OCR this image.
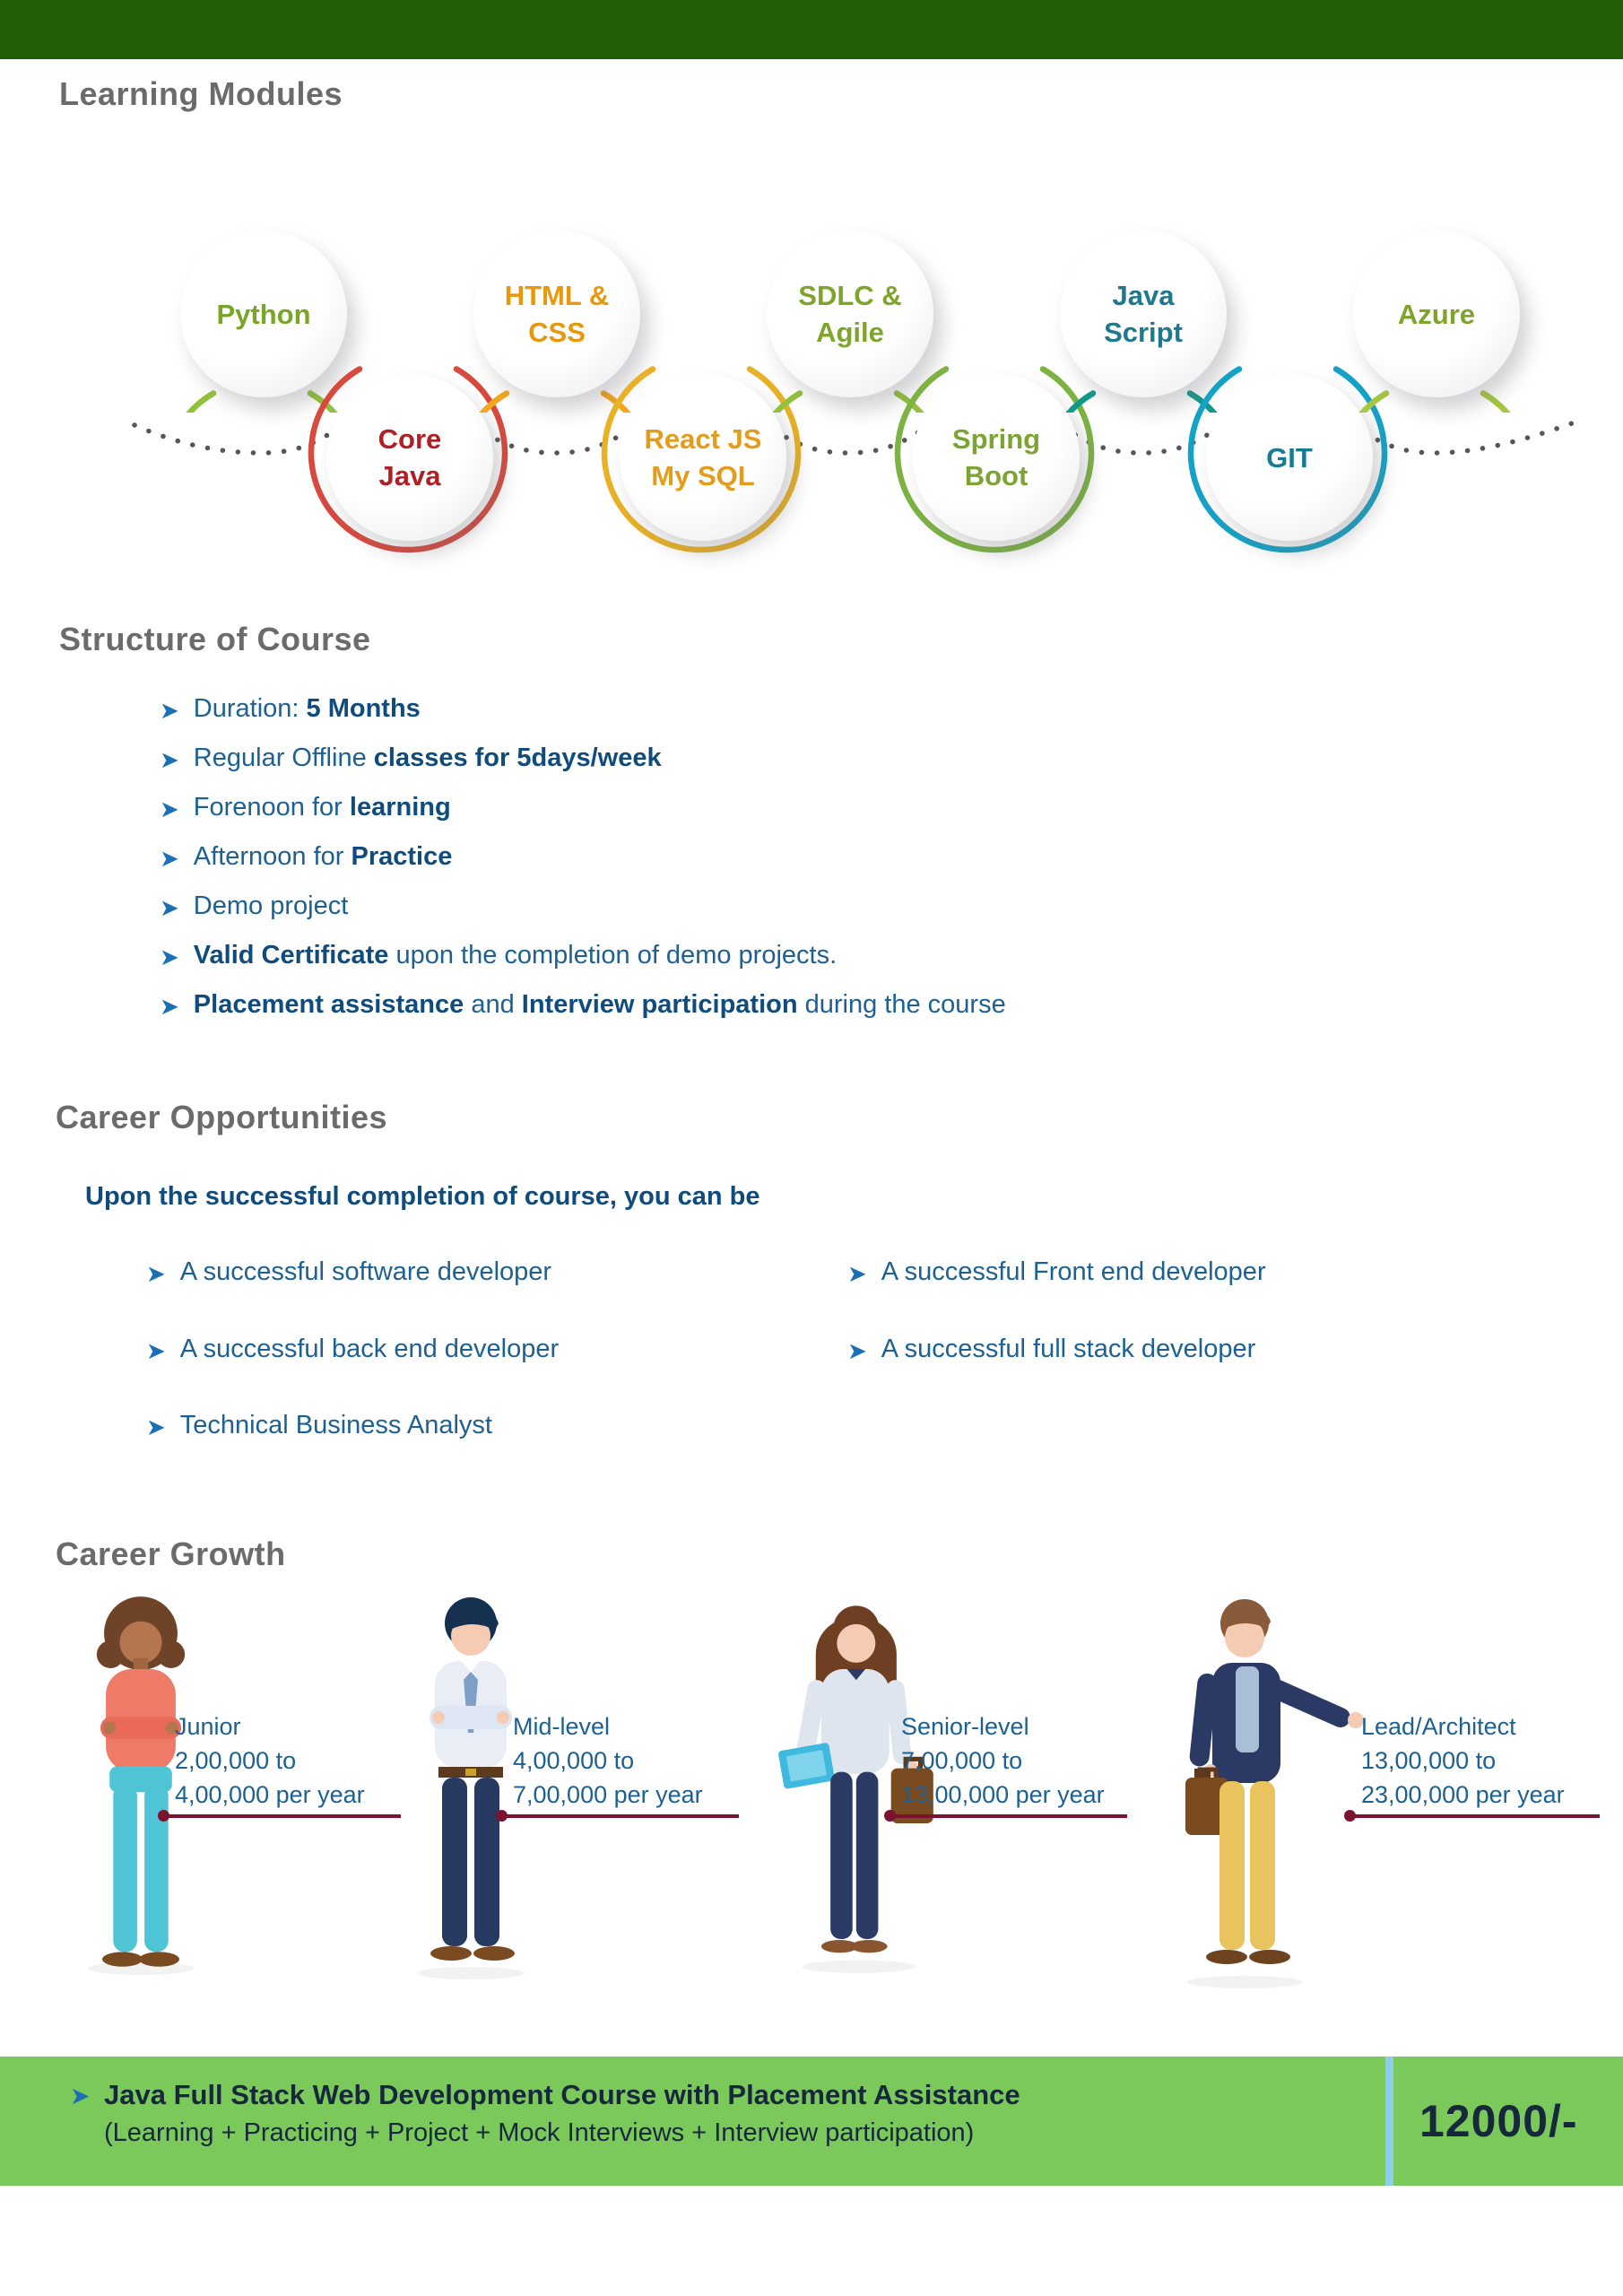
Learning Modules
Python
Core
Java
HTML &
CSS
React JS
My SQL
SDLC &
Agile
Spring
Boot
Java
Script
GIT
Azure
Structure of Course
➤ Duration: 5 Months
➤ Regular Offline classes for 5days/week
➤ Forenoon for learning
➤ Afternoon for Practice
➤ Demo project
➤ Valid Certificate upon the completion of demo projects.
➤ Placement assistance and Interview participation during the course
Career Opportunities
Upon the successful completion of course, you can be
➤ A successful software developer
➤ A successful back end developer
➤ Technical Business Analyst
➤ A successful Front end developer
➤ A successful full stack developer
Career Growth
Junior
2,00,000 to
4,00,000 per year
Mid-level
4,00,000 to
7,00,000 per year
Senior-level
7,00,000 to
13,00,000 per year
Lead/Architect
13,00,000 to
23,00,000 per year
➤ Java Full Stack Web Development Course with Placement Assistance
(Learning + Practicing + Project + Mock Interviews + Interview participation)	12000/-
